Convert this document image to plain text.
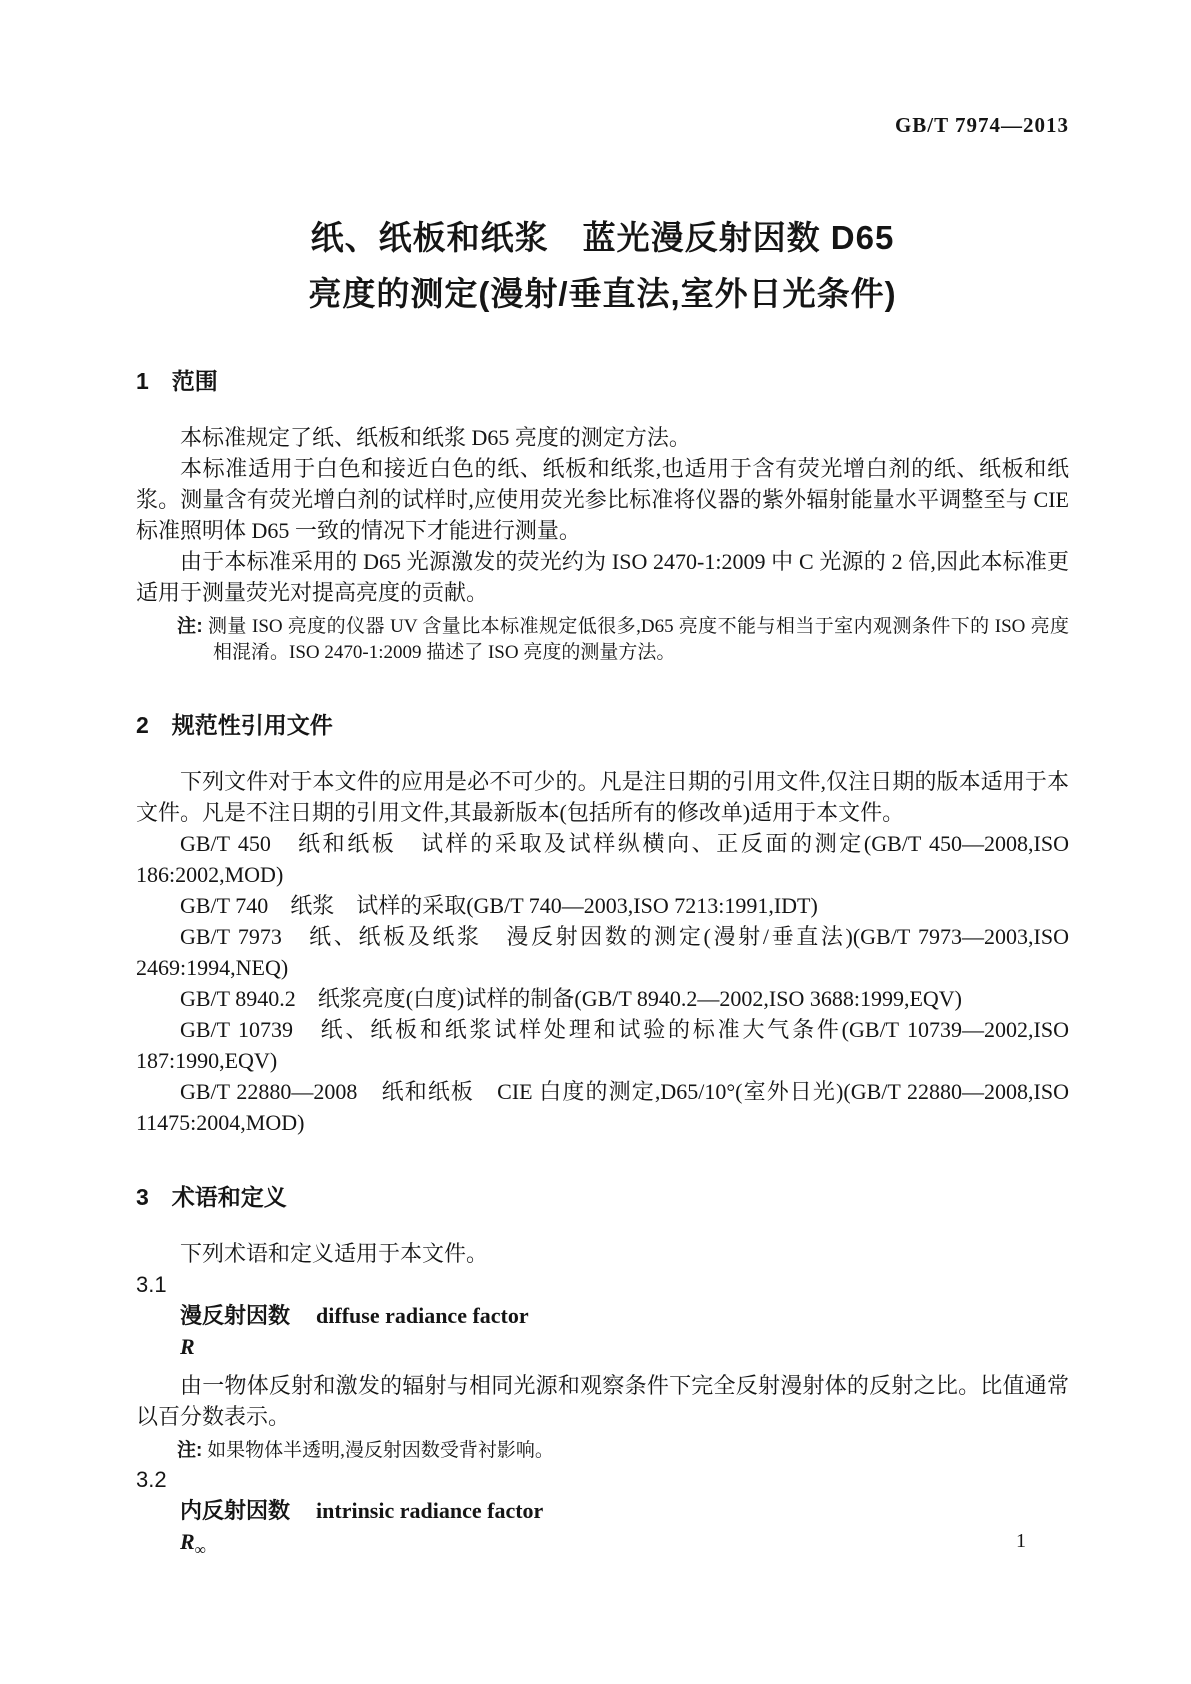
GB/T 7974—2013
纸、纸板和纸浆　蓝光漫反射因数 D65
亮度的测定(漫射/垂直法,室外日光条件)
1　范围

本标准规定了纸、纸板和纸浆 D65 亮度的测定方法。

本标准适用于白色和接近白色的纸、纸板和纸浆,也适用于含有荧光增白剂的纸、纸板和纸浆。测量含有荧光增白剂的试样时,应使用荧光参比标准将仪器的紫外辐射能量水平调整至与 CIE 标准照明体 D65 一致的情况下才能进行测量。

由于本标准采用的 D65 光源激发的荧光约为 ISO 2470-1:2009 中 C 光源的 2 倍,因此本标准更适用于测量荧光对提高亮度的贡献。

注: 测量 ISO 亮度的仪器 UV 含量比本标准规定低很多,D65 亮度不能与相当于室内观测条件下的 ISO 亮度相混淆。ISO 2470-1:2009 描述了 ISO 亮度的测量方法。

2　规范性引用文件

下列文件对于本文件的应用是必不可少的。凡是注日期的引用文件,仅注日期的版本适用于本文件。凡是不注日期的引用文件,其最新版本(包括所有的修改单)适用于本文件。

GB/T 450　纸和纸板　试样的采取及试样纵横向、正反面的测定(GB/T 450—2008,ISO 186:2002,MOD)

GB/T 740　纸浆　试样的采取(GB/T 740—2003,ISO 7213:1991,IDT)

GB/T 7973　纸、纸板及纸浆　漫反射因数的测定(漫射/垂直法)(GB/T 7973—2003,ISO 2469:1994,NEQ)

GB/T 8940.2　纸浆亮度(白度)试样的制备(GB/T 8940.2—2002,ISO 3688:1999,EQV)

GB/T 10739　纸、纸板和纸浆试样处理和试验的标准大气条件(GB/T 10739—2002,ISO 187:1990,EQV)

GB/T 22880—2008　纸和纸板　CIE 白度的测定,D65/10°(室外日光)(GB/T 22880—2008,ISO 11475:2004,MOD)

3　术语和定义

下列术语和定义适用于本文件。

3.1

漫反射因数 diffuse radiance factor

R

由一物体反射和激发的辐射与相同光源和观察条件下完全反射漫射体的反射之比。比值通常以百分数表示。

注: 如果物体半透明,漫反射因数受背衬影响。

3.2

内反射因数 intrinsic radiance factor

$R_\infty$	1
